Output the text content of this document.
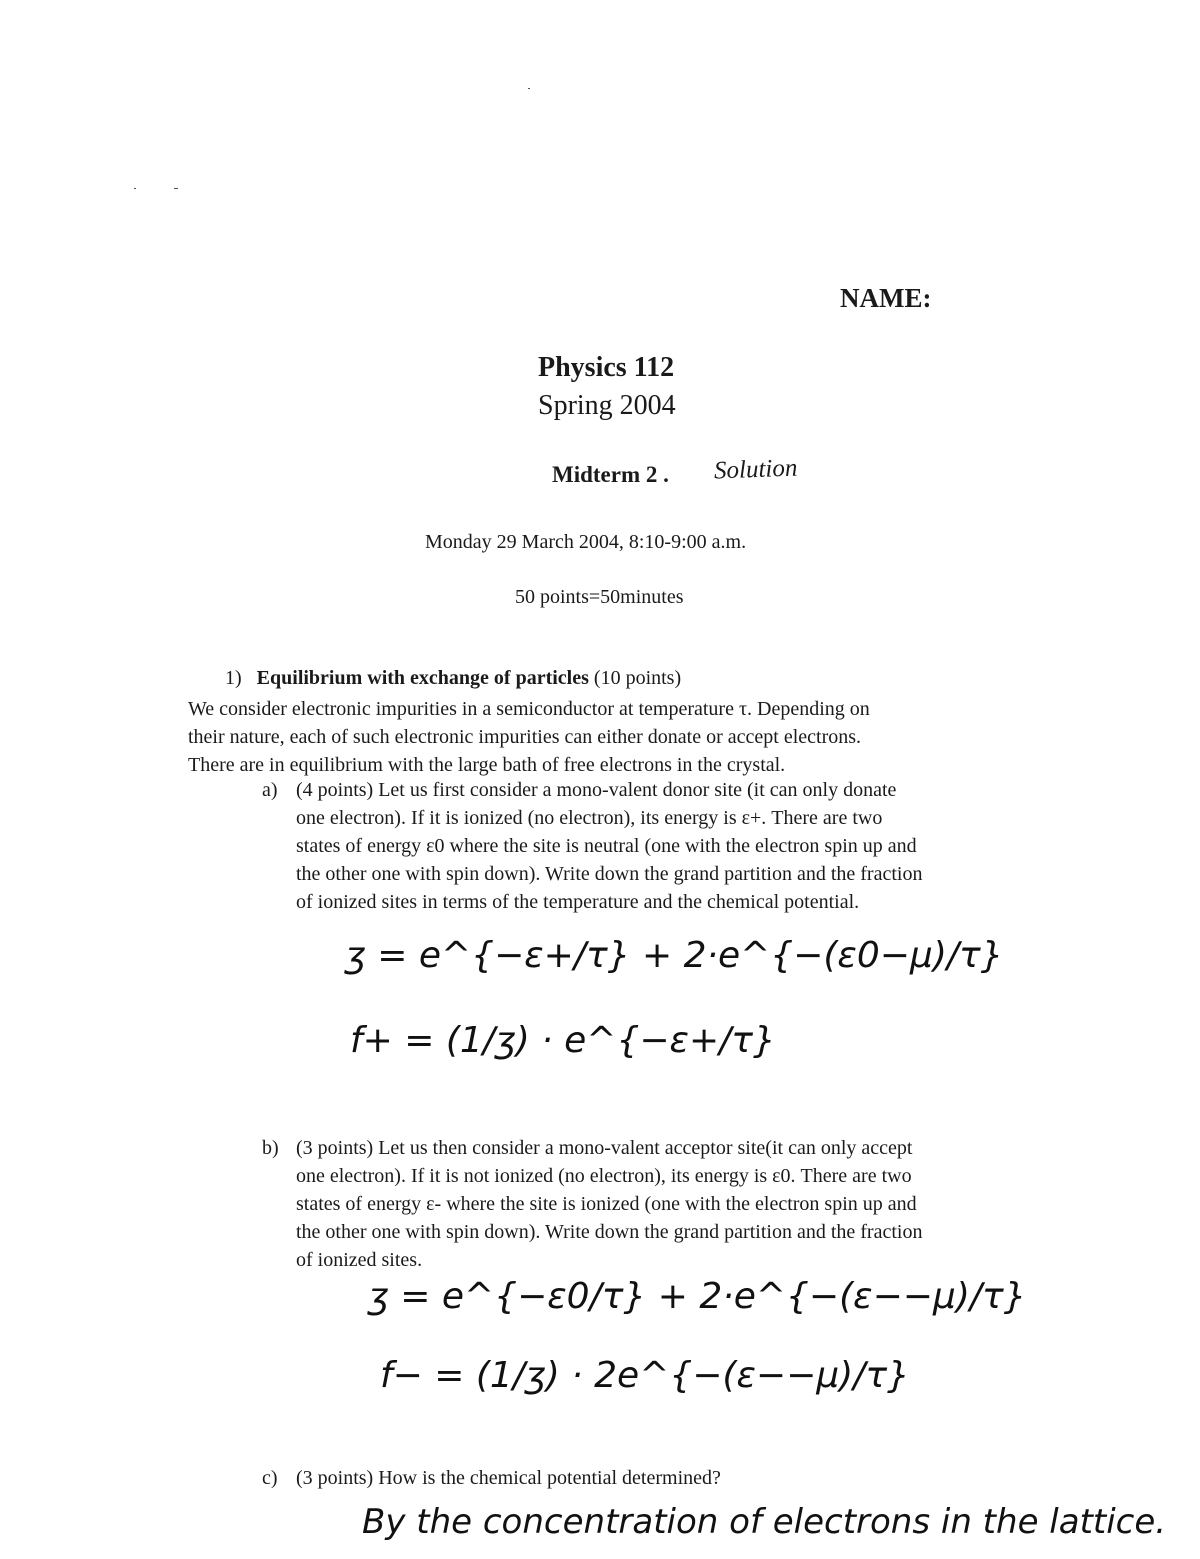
NAME:
Physics 112
Spring 2004
Midterm 2 . Solution
Monday 29 March 2004, 8:10-9:00 a.m.
50 points=50minutes
1) Equilibrium with exchange of particles (10 points)
We consider electronic impurities in a semiconductor at temperature τ. Depending on
their nature, each of such electronic impurities can either donate or accept electrons.
There are in equilibrium with the large bath of free electrons in the crystal.
a) (4 points) Let us first consider a mono-valent donor site (it can only donate
one electron). If it is ionized (no electron), its energy is ε+. There are two
states of energy ε0 where the site is neutral (one with the electron spin up and
the other one with spin down). Write down the grand partition and the fraction
of ionized sites in terms of the temperature and the chemical potential.
ʒ = e^{−ε+/τ} + 2·e^{−(ε0−μ)/τ}
f+ = (1/ʒ) · e^{−ε+/τ}
b) (3 points) Let us then consider a mono-valent acceptor site(it can only accept
one electron). If it is not ionized (no electron), its energy is ε0. There are two
states of energy ε- where the site is ionized (one with the electron spin up and
the other one with spin down). Write down the grand partition and the fraction
of ionized sites.
ʒ = e^{−ε0/τ} + 2·e^{−(ε−−μ)/τ}
f− = (1/ʒ) · 2e^{−(ε−−μ)/τ}
c) (3 points) How is the chemical potential determined?
By the concentration of electrons in the lattice.
